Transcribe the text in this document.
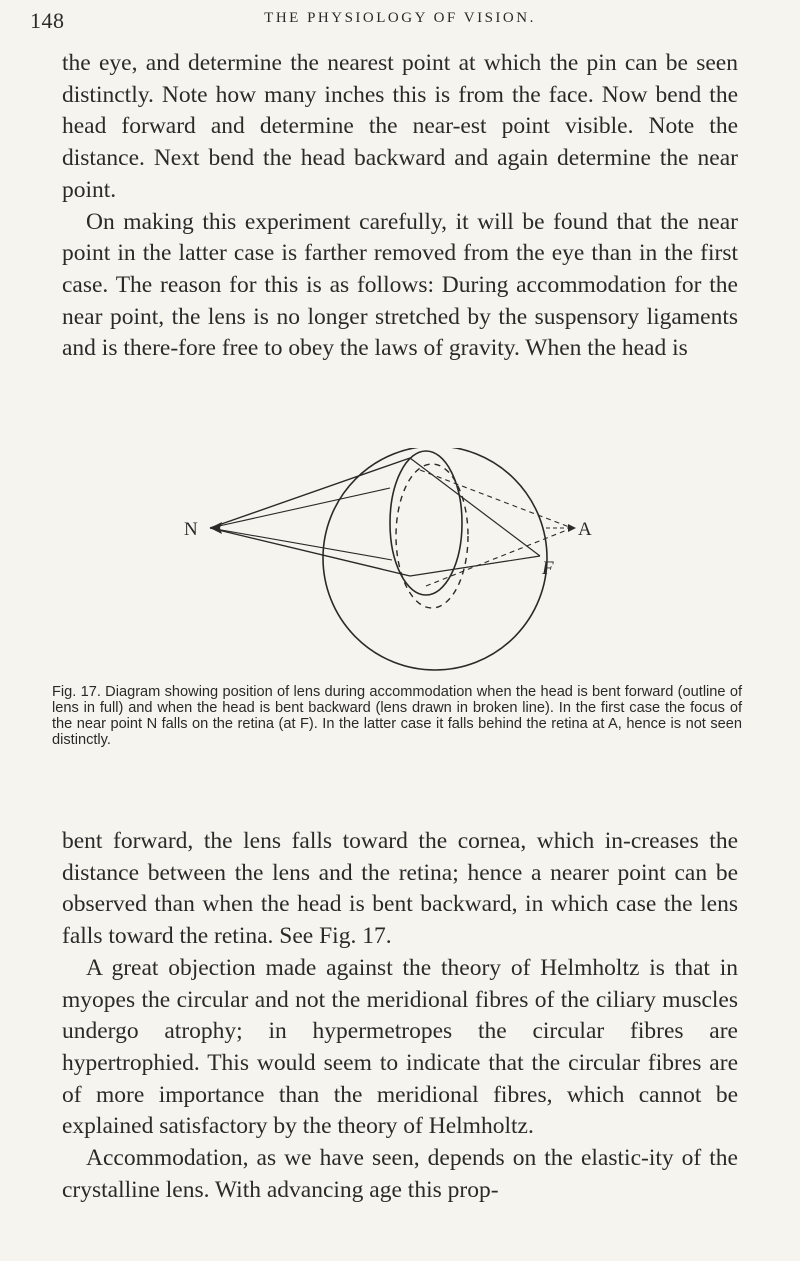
148	THE PHYSIOLOGY OF VISION.

the eye, and determine the nearest point at which the pin can be seen distinctly. Note how many inches this is from the face. Now bend the head forward and determine the near-est point visible. Note the distance. Next bend the head backward and again determine the near point.

On making this experiment carefully, it will be found that the near point in the latter case is farther removed from the eye than in the first case. The reason for this is as follows: During accommodation for the near point, the lens is no longer stretched by the suspensory ligaments and is there-fore free to obey the laws of gravity. When the head is

N	A
F
Fig. 17. Diagram showing position of lens during accommodation when the head is bent forward (outline of lens in full) and when the head is bent backward (lens drawn in broken line). In the first case the focus of the near point N falls on the retina (at F). In the latter case it falls behind the retina at A, hence is not seen distinctly.

bent forward, the lens falls toward the cornea, which in-creases the distance between the lens and the retina; hence a nearer point can be observed than when the head is bent backward, in which case the lens falls toward the retina. See Fig. 17.

A great objection made against the theory of Helmholtz is that in myopes the circular and not the meridional fibres of the ciliary muscles undergo atrophy; in hypermetropes the circular fibres are hypertrophied. This would seem to indicate that the circular fibres are of more importance than the meridional fibres, which cannot be explained satisfactory by the theory of Helmholtz.

Accommodation, as we have seen, depends on the elastic-ity of the crystalline lens. With advancing age this prop-
